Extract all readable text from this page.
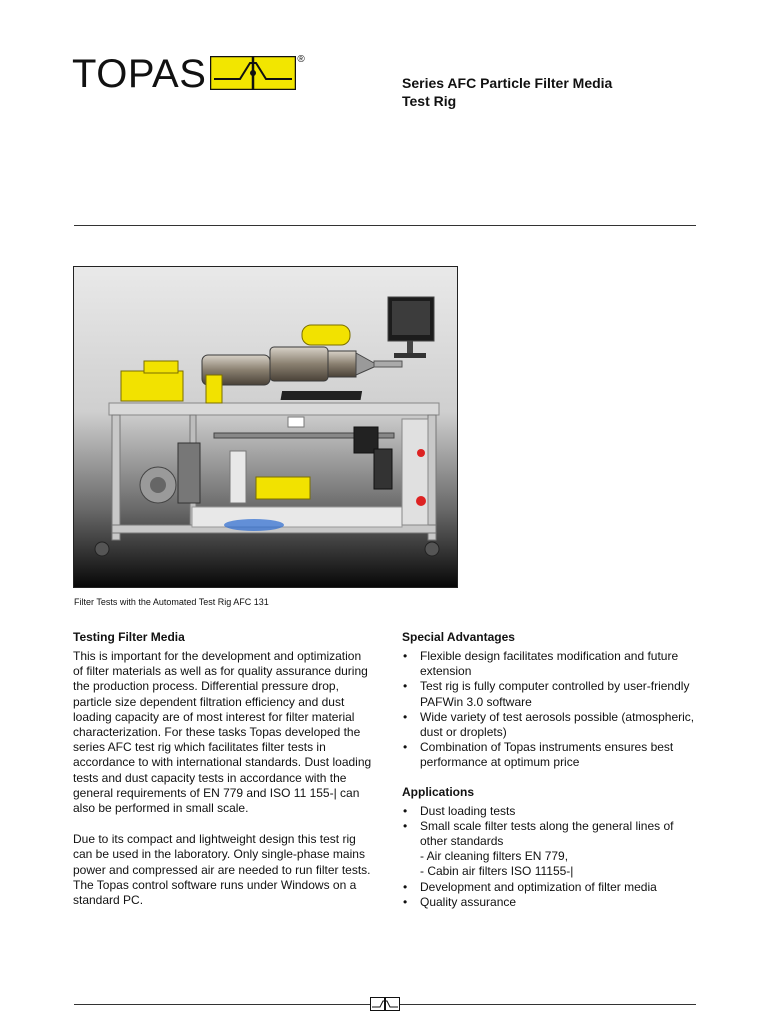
TOPAS	®
Series AFC Particle Filter Media
Test Rig
Filter Tests with the Automated Test Rig AFC 131
Testing Filter Media

This is important for the development and optimization of filter materials as well as for quality assurance during the production process. Differential pressure drop, particle size dependent filtration efficiency and dust loading capacity are of most interest for filter material characterization. For these tasks Topas developed the series AFC test rig which facilitates filter tests in accordance to with international standards. Dust loading tests and dust capacity tests in accordance with the general requirements of EN 779 and ISO 11 155-| can also be performed in small scale.

Due to its compact and lightweight design this test rig can be used in the laboratory. Only single-phase mains power and compressed air are needed to run filter tests. The Topas control software runs under Windows on a standard PC.

Special Advantages
• Flexible design facilitates modification and future extension
• Test rig is fully computer controlled by user-friendly PAFWin 3.0 software
• Wide variety of test aerosols possible (atmospheric, dust or droplets)
• Combination of Topas instruments ensures best performance at optimum price
Applications
• Dust loading tests
• Small scale filter tests along the general lines of other standards
- Air cleaning filters EN 779,
- Cabin air filters ISO 11155-|
• Development and optimization of filter media
• Quality assurance
